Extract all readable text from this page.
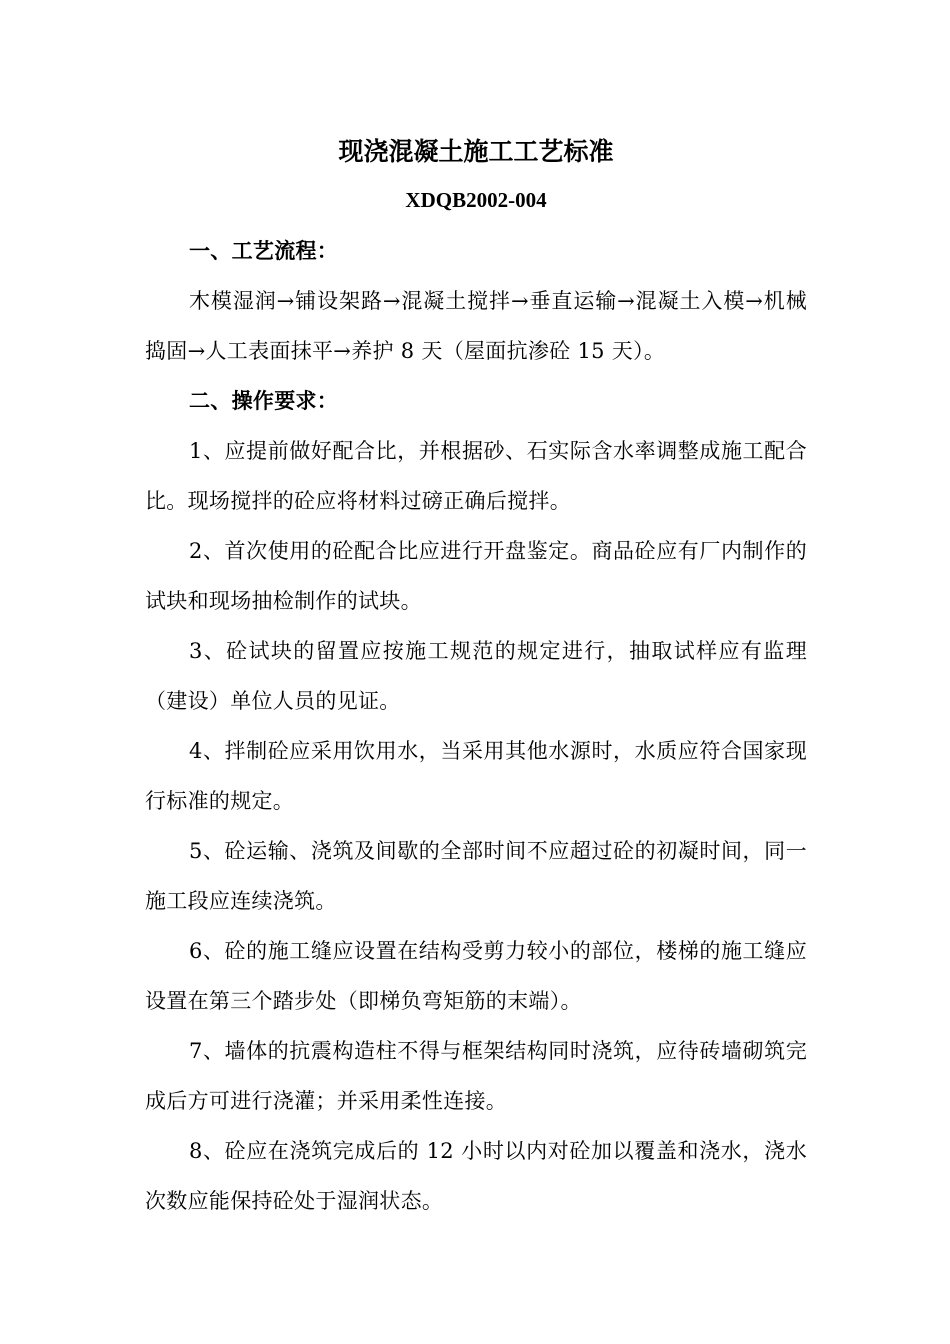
现浇混凝土施工工艺标准
XDQB2002-004

一、工艺流程：

木模湿润→铺设架路→混凝土搅拌→垂直运输→混凝土入模→机械捣固→人工表面抹平→养护 8 天（屋面抗渗砼 15 天）。

二、操作要求：

1、应提前做好配合比，并根据砂、石实际含水率调整成施工配合比。现场搅拌的砼应将材料过磅正确后搅拌。

2、首次使用的砼配合比应进行开盘鉴定。商品砼应有厂内制作的试块和现场抽检制作的试块。

3、砼试块的留置应按施工规范的规定进行，抽取试样应有监理（建设）单位人员的见证。

4、拌制砼应采用饮用水，当采用其他水源时，水质应符合国家现行标准的规定。

5、砼运输、浇筑及间歇的全部时间不应超过砼的初凝时间，同一施工段应连续浇筑。

6、砼的施工缝应设置在结构受剪力较小的部位，楼梯的施工缝应设置在第三个踏步处（即梯负弯矩筋的末端）。

7、墙体的抗震构造柱不得与框架结构同时浇筑，应待砖墙砌筑完成后方可进行浇灌；并采用柔性连接。

8、砼应在浇筑完成后的 12 小时以内对砼加以覆盖和浇水，浇水次数应能保持砼处于湿润状态。
